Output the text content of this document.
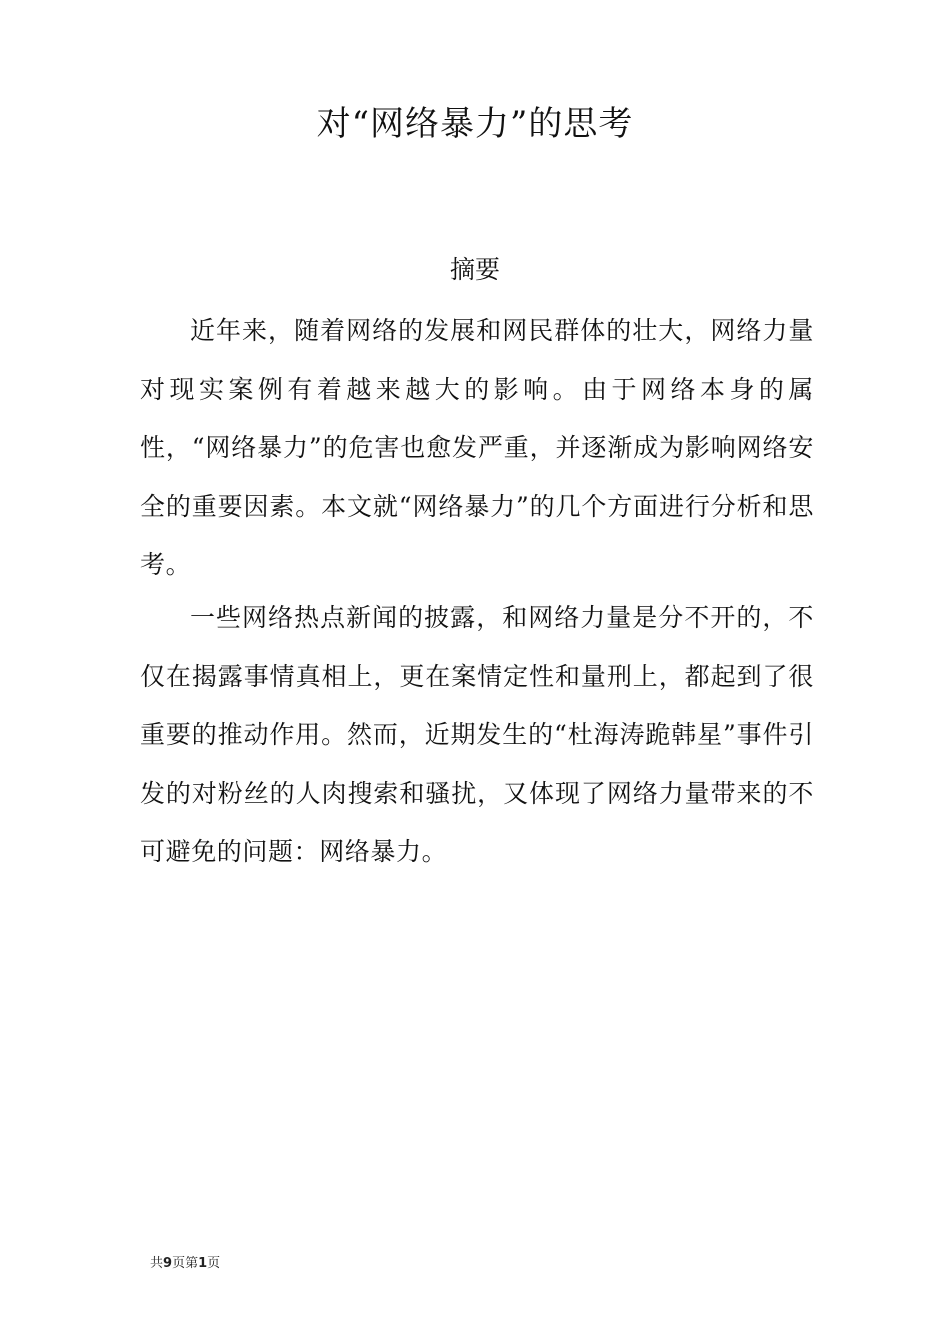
对“网络暴力”的思考
摘要

近年来，随着网络的发展和网民群体的壮大，网络力量对现实案例有着越来越大的影响。由于网络本身的属性，“网络暴力”的危害也愈发严重，并逐渐成为影响网络安全的重要因素。本文就“网络暴力”的几个方面进行分析和思考。

一些网络热点新闻的披露，和网络力量是分不开的，不仅在揭露事情真相上，更在案情定性和量刑上，都起到了很重要的推动作用。然而，近期发生的“杜海涛跪韩星”事件引发的对粉丝的人肉搜索和骚扰，又体现了网络力量带来的不可避免的问题：网络暴力。

共9页第1页
